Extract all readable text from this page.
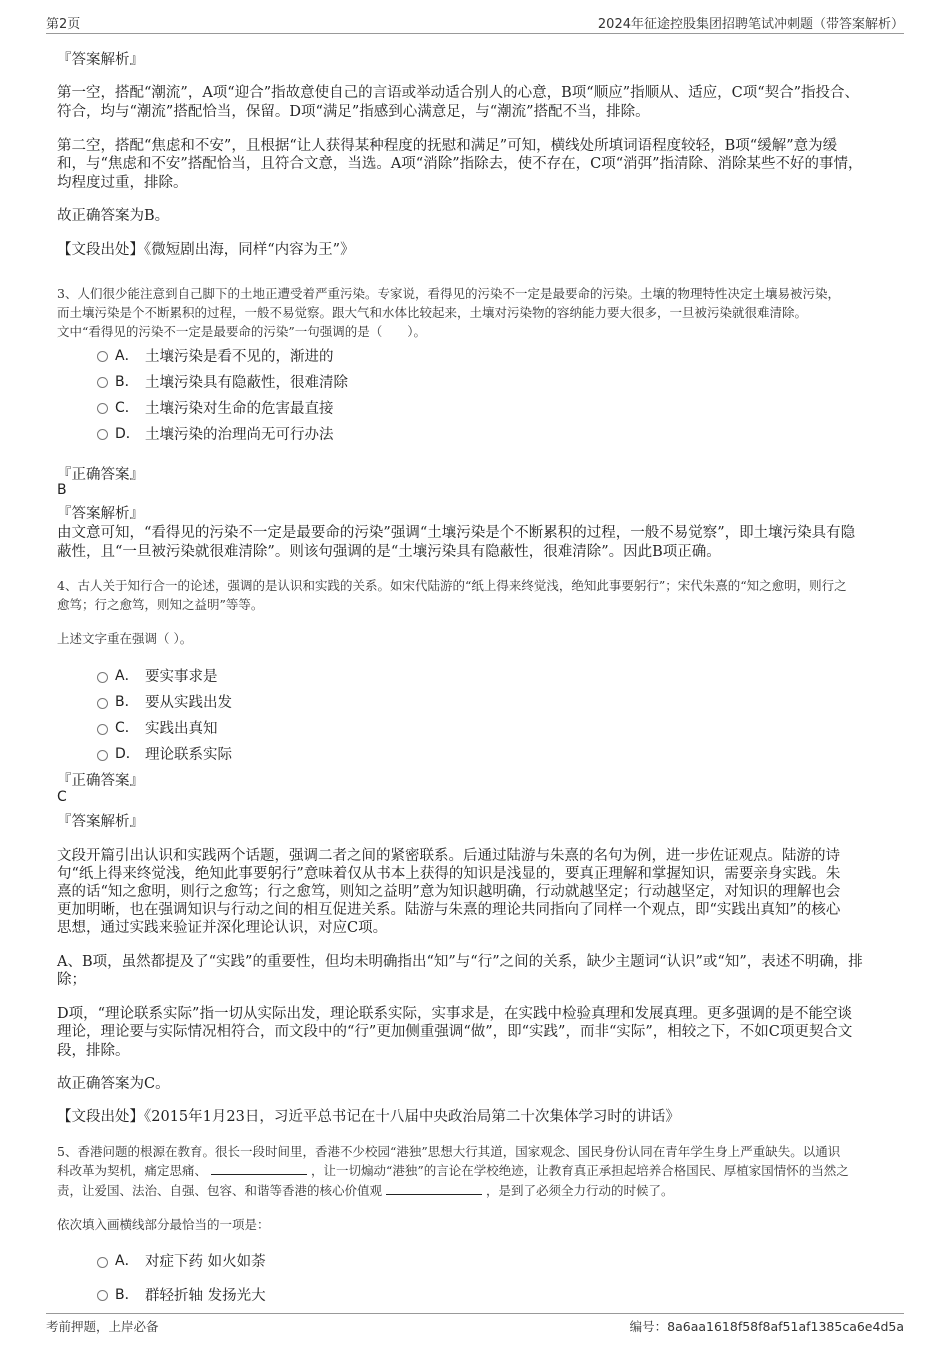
第2页	2024年征途控股集团招聘笔试冲刺题（带答案解析）
『答案解析』
第一空，搭配“潮流”，A项“迎合”指故意使自己的言语或举动适合别人的心意，B项“顺应”指顺从、适应，C项“契合”指投合、
符合，均与“潮流”搭配恰当，保留。D项“满足”指感到心满意足，与“潮流”搭配不当，排除。
第二空，搭配“焦虑和不安”，且根据“让人获得某种程度的抚慰和满足”可知，横线处所填词语程度较轻，B项“缓解”意为缓
和，与“焦虑和不安”搭配恰当，且符合文意，当选。A项“消除”指除去，使不存在，C项“消弭”指清除、消除某些不好的事情，
均程度过重，排除。
故正确答案为B。
【文段出处】《微短剧出海，同样“内容为王”》
3、人们很少能注意到自己脚下的土地正遭受着严重污染。专家说，看得见的污染不一定是最要命的污染。土壤的物理特性决定土壤易被污染，
而土壤污染是个不断累积的过程，一般不易觉察。跟大气和水体比较起来，土壤对污染物的容纳能力要大很多，一旦被污染就很难清除。
文中“看得见的污染不一定是最要命的污染”一句强调的是（　　）。
A． 土壤污染是看不见的，渐进的
B． 土壤污染具有隐蔽性，很难清除
C． 土壤污染对生命的危害最直接
D． 土壤污染的治理尚无可行办法
『正确答案』
B
『答案解析』
由文意可知，“看得见的污染不一定是最要命的污染”强调“土壤污染是个不断累积的过程，一般不易觉察”，即土壤污染具有隐
蔽性，且“一旦被污染就很难清除”。则该句强调的是“土壤污染具有隐蔽性，很难清除”。因此B项正确。
4、古人关于知行合一的论述，强调的是认识和实践的关系。如宋代陆游的“纸上得来终觉浅，绝知此事要躬行”；宋代朱熹的“知之愈明，则行之
愈笃；行之愈笃，则知之益明”等等。
上述文字重在强调（ ）。
A． 要实事求是
B． 要从实践出发
C． 实践出真知
D． 理论联系实际
『正确答案』
C
『答案解析』
文段开篇引出认识和实践两个话题，强调二者之间的紧密联系。后通过陆游与朱熹的名句为例，进一步佐证观点。陆游的诗
句“纸上得来终觉浅，绝知此事要躬行”意味着仅从书本上获得的知识是浅显的，要真正理解和掌握知识，需要亲身实践。朱
熹的话“知之愈明，则行之愈笃；行之愈笃，则知之益明”意为知识越明确，行动就越坚定；行动越坚定，对知识的理解也会
更加明晰，也在强调知识与行动之间的相互促进关系。陆游与朱熹的理论共同指向了同样一个观点，即“实践出真知”的核心
思想，通过实践来验证并深化理论认识，对应C项。
A、B项，虽然都提及了“实践”的重要性，但均未明确指出“知”与“行”之间的关系，缺少主题词“认识”或“知”，表述不明确，排
除；
D项，“理论联系实际”指一切从实际出发，理论联系实际，实事求是，在实践中检验真理和发展真理。更多强调的是不能空谈
理论，理论要与实际情况相符合，而文段中的“行”更加侧重强调“做”，即“实践”，而非“实际”，相较之下，不如C项更契合文
段，排除。
故正确答案为C。
【文段出处】《2015年1月23日，习近平总书记在十八届中央政治局第二十次集体学习时的讲话》
5、香港问题的根源在教育。很长一段时间里，香港不少校园“港独”思想大行其道，国家观念、国民身份认同在青年学生身上严重缺失。以通识
科改革为契机，痛定思痛、	，让一切煽动“港独”的言论在学校绝迹，让教育真正承担起培养合格国民、厚植家国情怀的当然之
责，让爱国、法治、自强、包容、和谐等香港的核心价值观	，是到了必须全力行动的时候了。
依次填入画横线部分最恰当的一项是：
A． 对症下药 如火如荼
B． 群轻折轴 发扬光大
考前押题，上岸必备	编号：8a6aa1618f58f8af51af1385ca6e4d5a
